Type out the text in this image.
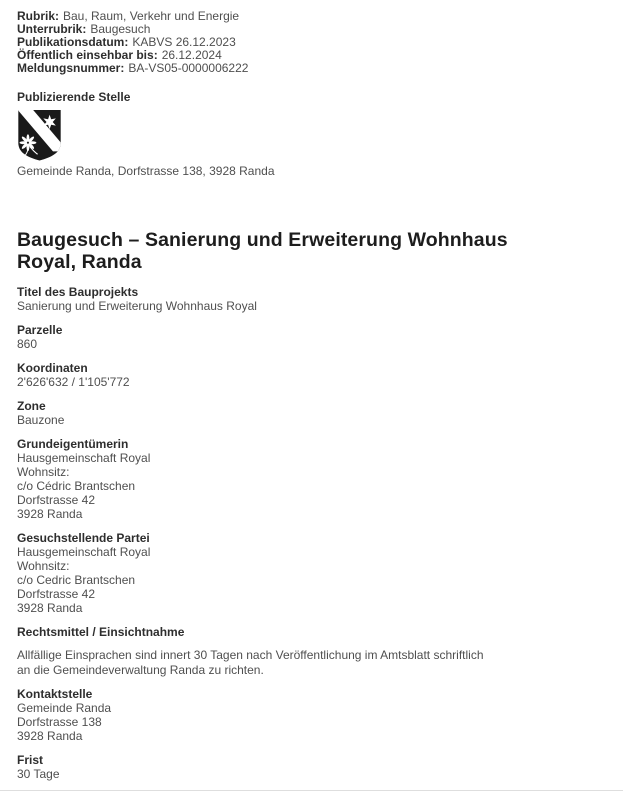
Rubrik: Bau, Raum, Verkehr und Energie
Unterrubrik: Baugesuch
Publikationsdatum: KABVS 26.12.2023
Öffentlich einsehbar bis: 26.12.2024
Meldungsnummer: BA-VS05-0000006222
Publizierende Stelle
Gemeinde Randa, Dorfstrasse 138, 3928 Randa
Baugesuch – Sanierung und Erweiterung Wohnhaus Royal, Randa
Titel des Bauprojekts
Sanierung und Erweiterung Wohnhaus Royal
Parzelle
860
Koordinaten
2'626'632 / 1'105'772
Zone
Bauzone
Grundeigentümerin
Hausgemeinschaft Royal
Wohnsitz:
c/o Cédric Brantschen
Dorfstrasse 42
3928 Randa
Gesuchstellende Partei
Hausgemeinschaft Royal
Wohnsitz:
c/o Cedric Brantschen
Dorfstrasse 42
3928 Randa
Rechtsmittel / Einsichtnahme
Allfällige Einsprachen sind innert 30 Tagen nach Veröffentlichung im Amtsblatt schriftlich an die Gemeindeverwaltung Randa zu richten.
Kontaktstelle
Gemeinde Randa
Dorfstrasse 138
3928 Randa
Frist
30 Tage
